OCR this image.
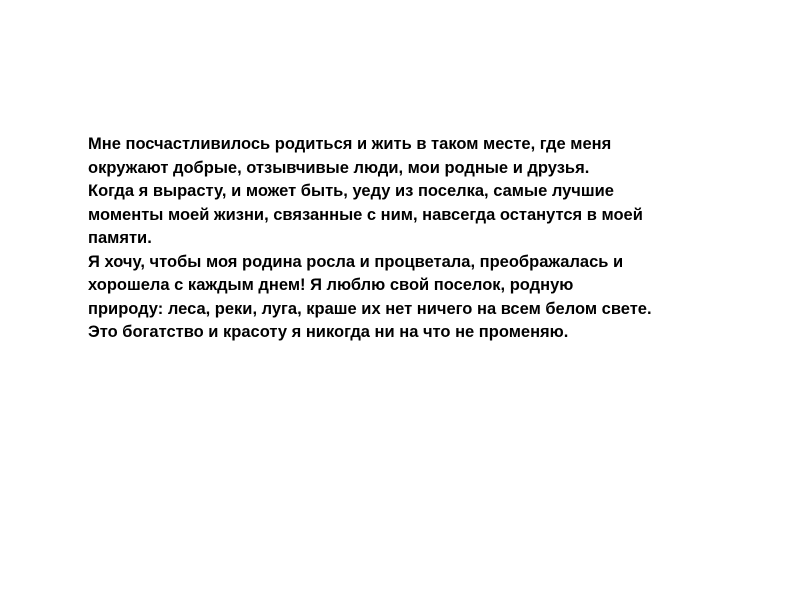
Мне посчастливилось родиться и жить в таком месте, где меня
окружают добрые, отзывчивые люди, мои родные и друзья.
Когда я вырасту, и может быть, уеду из поселка, самые лучшие
моменты моей жизни, связанные с ним, навсегда останутся в моей
памяти.
Я хочу, чтобы моя родина росла и процветала, преображалась и
хорошела с каждым днем! Я люблю свой поселок, родную
природу: леса, реки, луга, краше их нет ничего на всем белом свете.
Это богатство и красоту я никогда ни на что не променяю.
